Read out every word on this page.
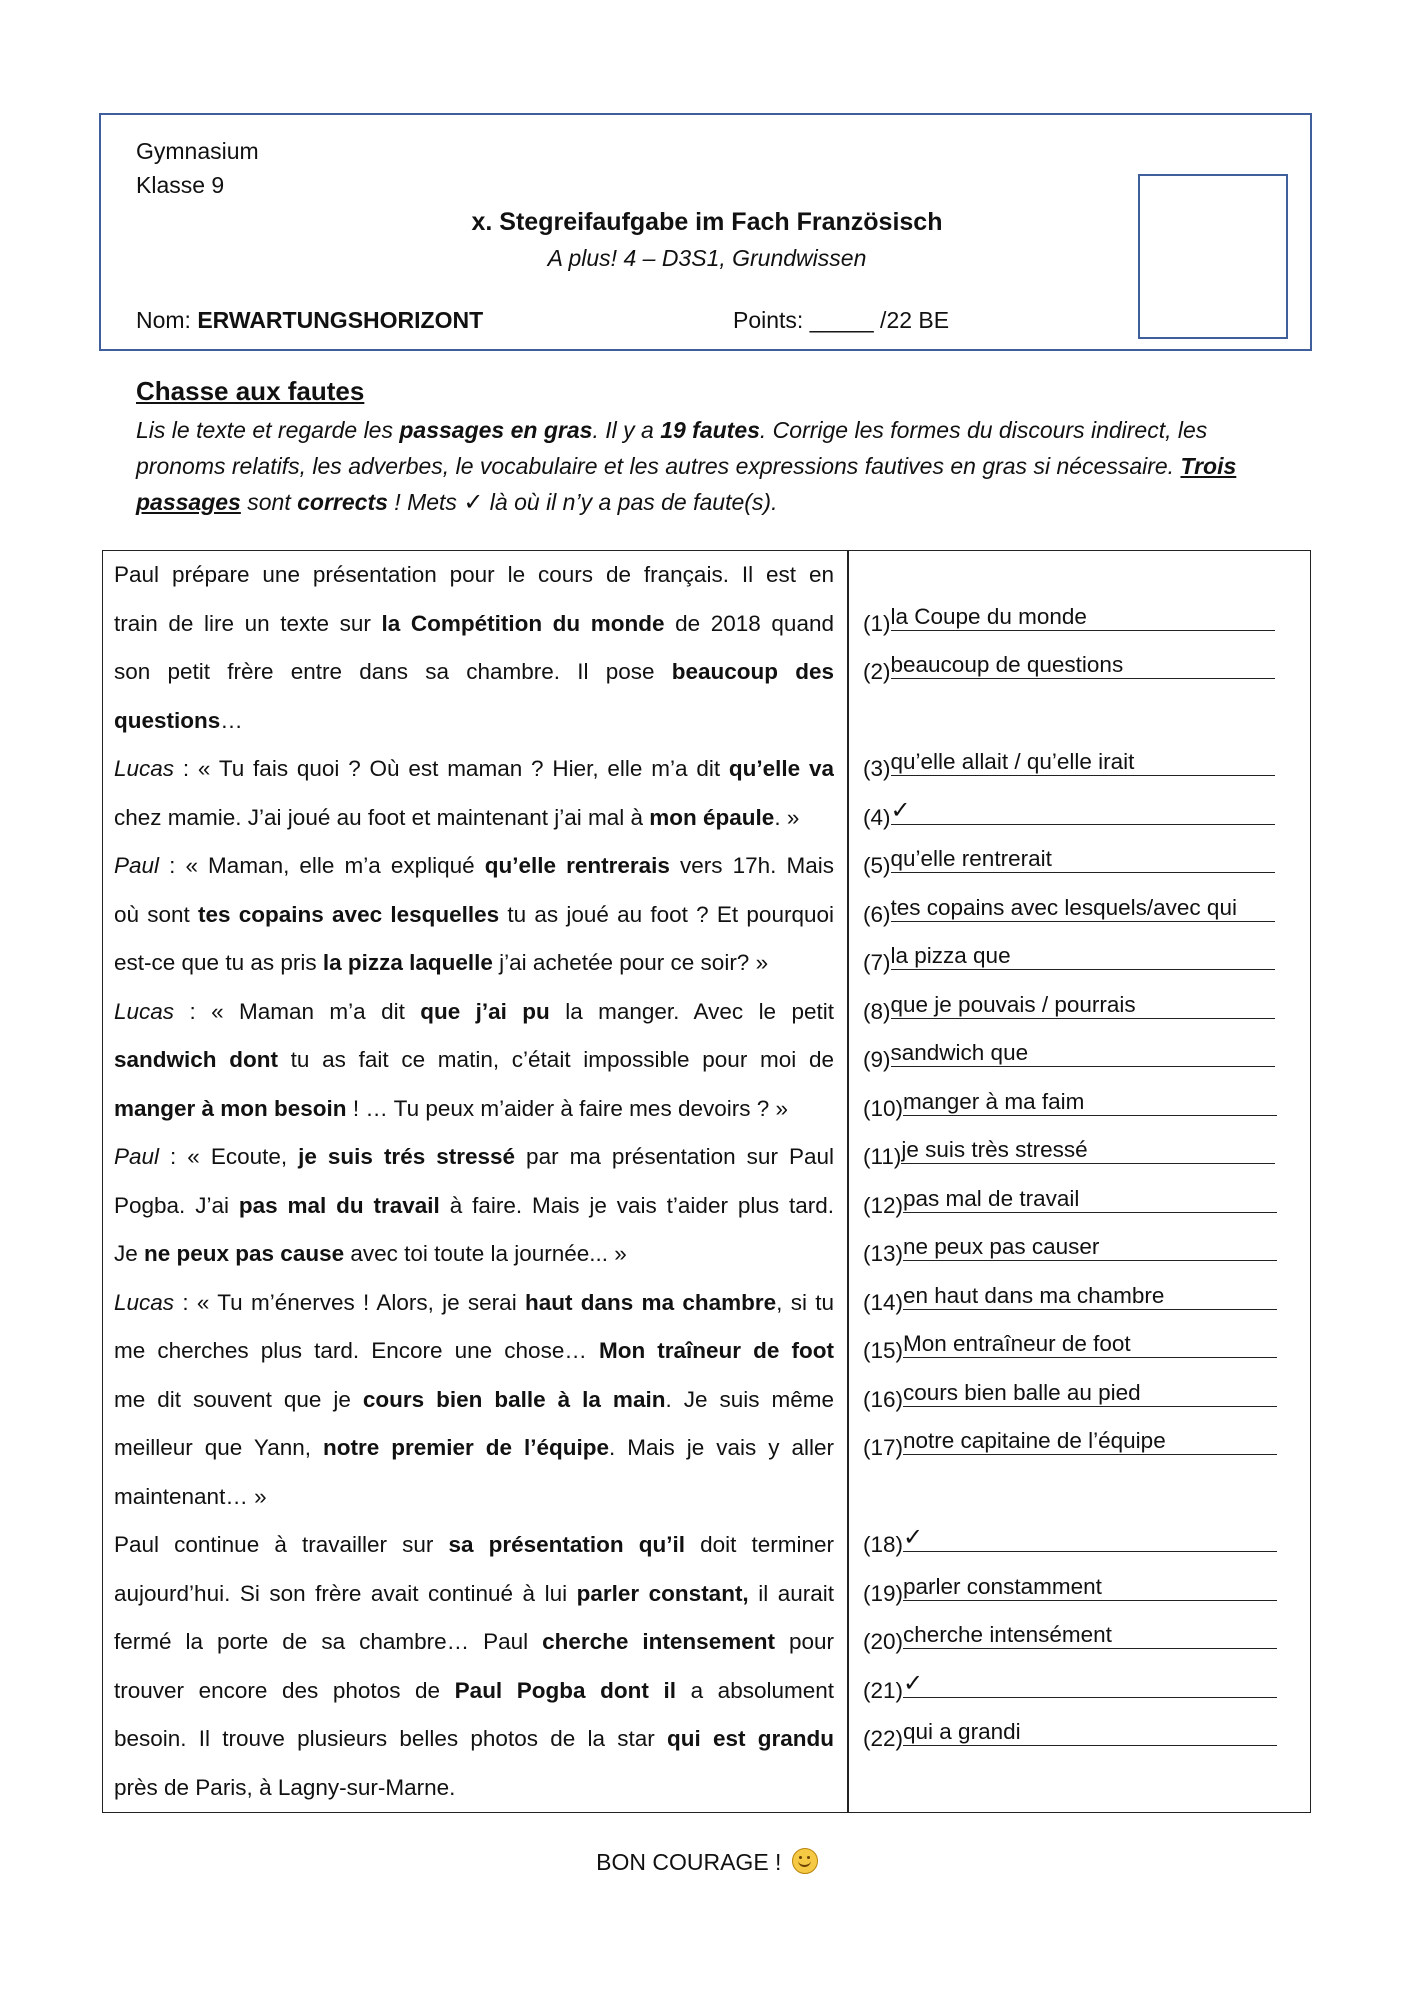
Gymnasium
Klasse 9
x. Stegreifaufgabe im Fach Französisch
A plus! 4 – D3S1, Grundwissen
Nom: ERWARTUNGSHORIZONT	Points: _____ /22 BE
Chasse aux fautes
Lis le texte et regarde les passages en gras. Il y a 19 fautes. Corrige les formes du discours indirect, les pronoms relatifs, les adverbes, le vocabulaire et les autres expressions fautives en gras si nécessaire. Trois
passages sont corrects ! Mets ✓ là où il n’y a pas de faute(s).
Paul prépare une présentation pour le cours de français. Il est en
train de lire un texte sur la Compétition du monde de 2018 quand
son petit frère entre dans sa chambre. Il pose beaucoup des
questions…
Lucas : « Tu fais quoi ? Où est maman ? Hier, elle m’a dit qu’elle va
chez mamie. J’ai joué au foot et maintenant j’ai mal à mon épaule. »
Paul : « Maman, elle m’a expliqué qu’elle rentrerais vers 17h. Mais
où sont tes copains avec lesquelles tu as joué au foot ? Et pourquoi
est-ce que tu as pris la pizza laquelle j’ai achetée pour ce soir? »
Lucas : « Maman m’a dit que j’ai pu la manger. Avec le petit
sandwich dont tu as fait ce matin, c’était impossible pour moi de
manger à mon besoin ! … Tu peux m’aider à faire mes devoirs ? »
Paul : « Ecoute, je suis trés stressé par ma présentation sur Paul
Pogba. J’ai pas mal du travail à faire. Mais je vais t’aider plus tard.
Je ne peux pas cause avec toi toute la journée... »
Lucas : « Tu m’énerves ! Alors, je serai haut dans ma chambre, si tu
me cherches plus tard. Encore une chose… Mon traîneur de foot
me dit souvent que je cours bien balle à la main. Je suis même
meilleur que Yann, notre premier de l’équipe. Mais je vais y aller
maintenant… »
Paul continue à travailler sur sa présentation qu’il doit terminer
aujourd’hui. Si son frère avait continué à lui parler constant, il aurait
fermé la porte de sa chambre… Paul cherche intensement pour
trouver encore des photos de Paul Pogba dont il a absolument
besoin. Il trouve plusieurs belles photos de la star qui est grandu
près de Paris, à Lagny-sur-Marne.
(1)la Coupe du monde
(2)beaucoup de questions
(3)qu’elle allait / qu’elle irait
(4)✓
(5)qu’elle rentrerait
(6)tes copains avec lesquels/avec qui
(7)la pizza que
(8)que je pouvais / pourrais
(9)sandwich que
(10)manger à ma faim
(11)je suis très stressé
(12)pas mal de travail
(13)ne peux pas causer
(14)en haut dans ma chambre
(15)Mon entraîneur de foot
(16)cours bien balle au pied
(17)notre capitaine de l’équipe
(18)✓
(19)parler constamment
(20)cherche intensément
(21)✓
(22)qui a grandi
BON COURAGE !
